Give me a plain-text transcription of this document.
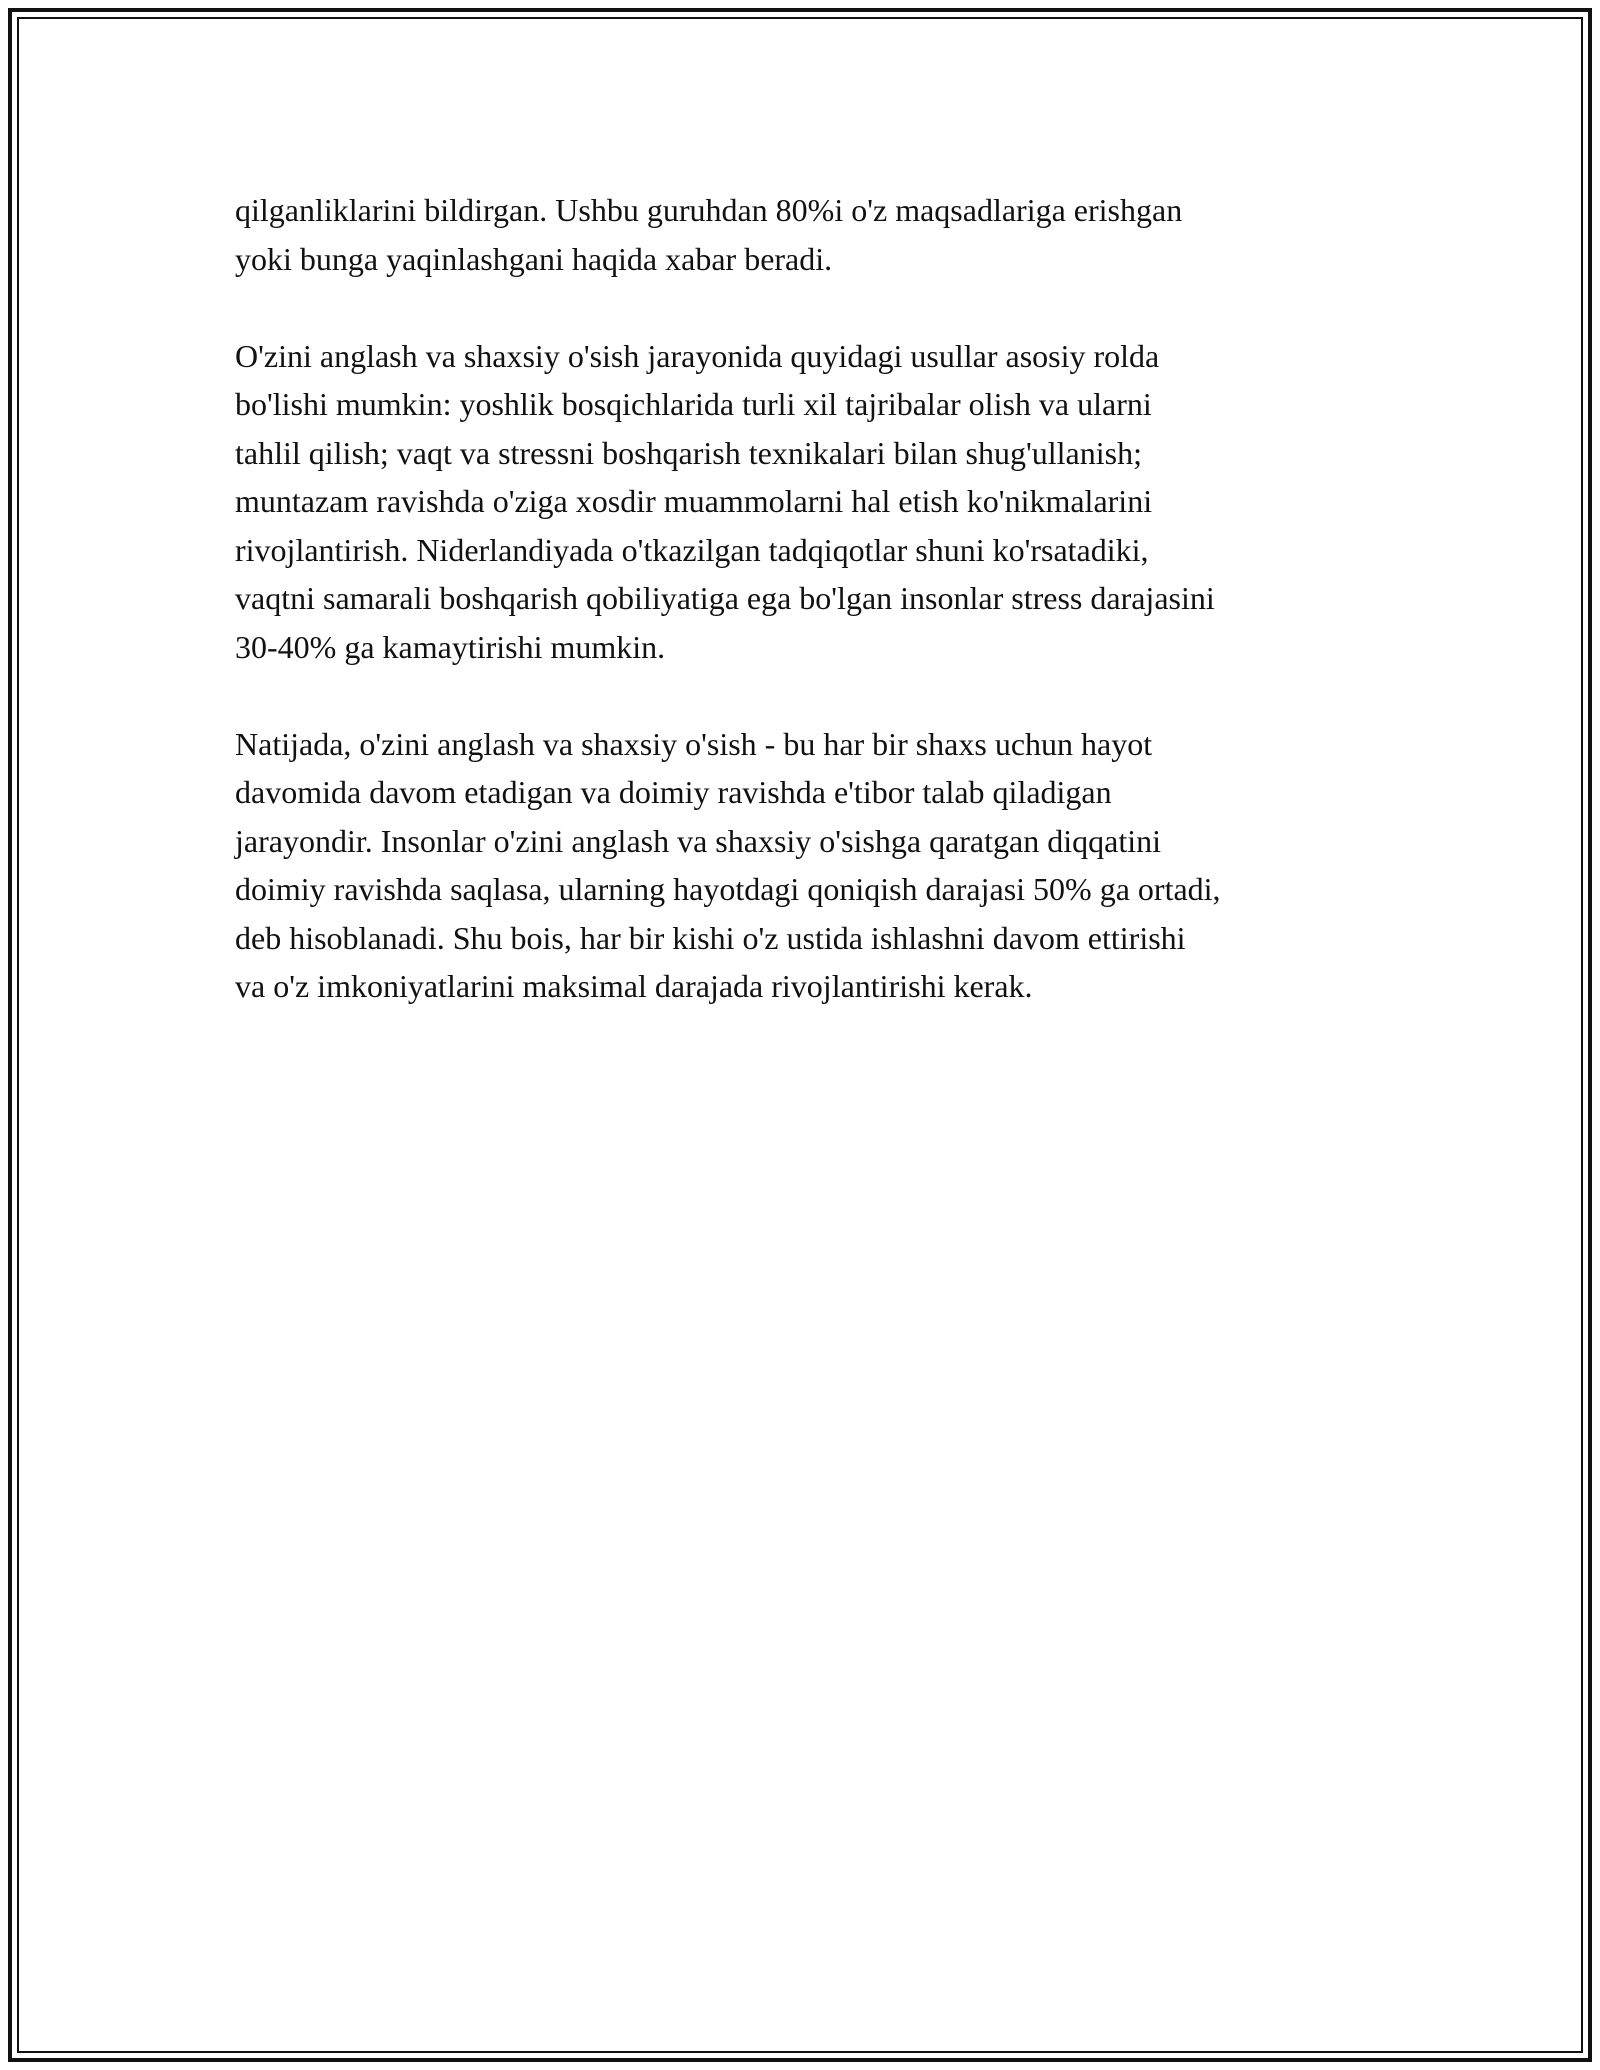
qilganliklarini bildirgan. Ushbu guruhdan 80%i o'z maqsadlariga erishgan
yoki bunga yaqinlashgani haqida xabar beradi.

O'zini anglash va shaxsiy o'sish jarayonida quyidagi usullar asosiy rolda
bo'lishi mumkin: yoshlik bosqichlarida turli xil tajribalar olish va ularni
tahlil qilish; vaqt va stressni boshqarish texnikalari bilan shug'ullanish;
muntazam ravishda o'ziga xosdir muammolarni hal etish ko'nikmalarini
rivojlantirish. Niderlandiyada o'tkazilgan tadqiqotlar shuni ko'rsatadiki,
vaqtni samarali boshqarish qobiliyatiga ega bo'lgan insonlar stress darajasini
30-40% ga kamaytirishi mumkin.

Natijada, o'zini anglash va shaxsiy o'sish - bu har bir shaxs uchun hayot
davomida davom etadigan va doimiy ravishda e'tibor talab qiladigan
jarayondir. Insonlar o'zini anglash va shaxsiy o'sishga qaratgan diqqatini
doimiy ravishda saqlasa, ularning hayotdagi qoniqish darajasi 50% ga ortadi,
deb hisoblanadi. Shu bois, har bir kishi o'z ustida ishlashni davom ettirishi
va o'z imkoniyatlarini maksimal darajada rivojlantirishi kerak.
